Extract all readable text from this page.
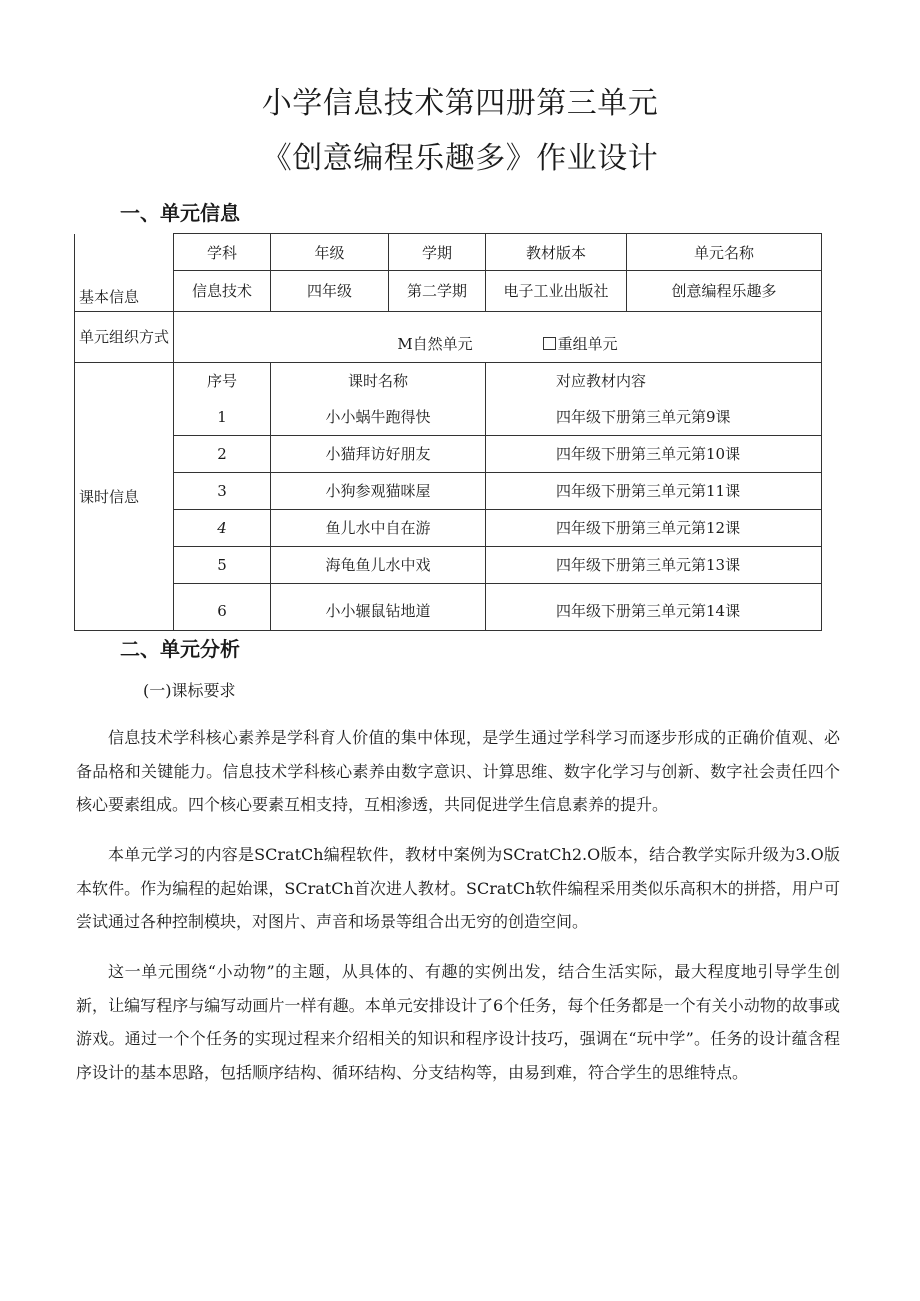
小学信息技术第四册第三单元
《创意编程乐趣多》作业设计
一、单元信息
	学科	年级	学期	教材版本	单元名称
基本信息	信息技术	四年级	第二学期	电子工业出版社	创意编程乐趣多
单元组织方式	M自然单元 重组单元				

课时信息	序号	课时名称		对应教材内容	
	1	小小蜗牛跑得快		四年级下册第三单元第9课	
	2	小猫拜访好朋友		四年级下册第三单元第10课	
	3	小狗参观猫咪屋		四年级下册第三单元第11课	
	4	鱼儿水中自在游		四年级下册第三单元第12课	
	5	海龟鱼儿水中戏		四年级下册第三单元第13课	
	6	小小辗鼠钻地道		四年级下册第三单元第14课	
二、单元分析
(一)课标要求

信息技术学科核心素养是学科育人价值的集中体现，是学生通过学科学习而逐步形成的正确价值观、必备品格和关键能力。信息技术学科核心素养由数字意识、计算思维、数字化学习与创新、数字社会责任四个核心要素组成。四个核心要素互相支持，互相渗透，共同促进学生信息素养的提升。

本单元学习的内容是SCratCh编程软件，教材中案例为SCratCh2.O版本，结合教学实际升级为3.O版本软件。作为编程的起始课，SCratCh首次进人教材。SCratCh软件编程采用类似乐高积木的拼搭，用户可尝试通过各种控制模块，对图片、声音和场景等组合出无穷的创造空间。

这一单元围绕“小动物”的主题，从具体的、有趣的实例出发，结合生活实际，最大程度地引导学生创新，让编写程序与编写动画片一样有趣。本单元安排设计了6个任务，每个任务都是一个有关小动物的故事或游戏。通过一个个任务的实现过程来介绍相关的知识和程序设计技巧，强调在“玩中学”。任务的设计蕴含程序设计的基本思路，包括顺序结构、循环结构、分支结构等，由易到难，符合学生的思维特点。
